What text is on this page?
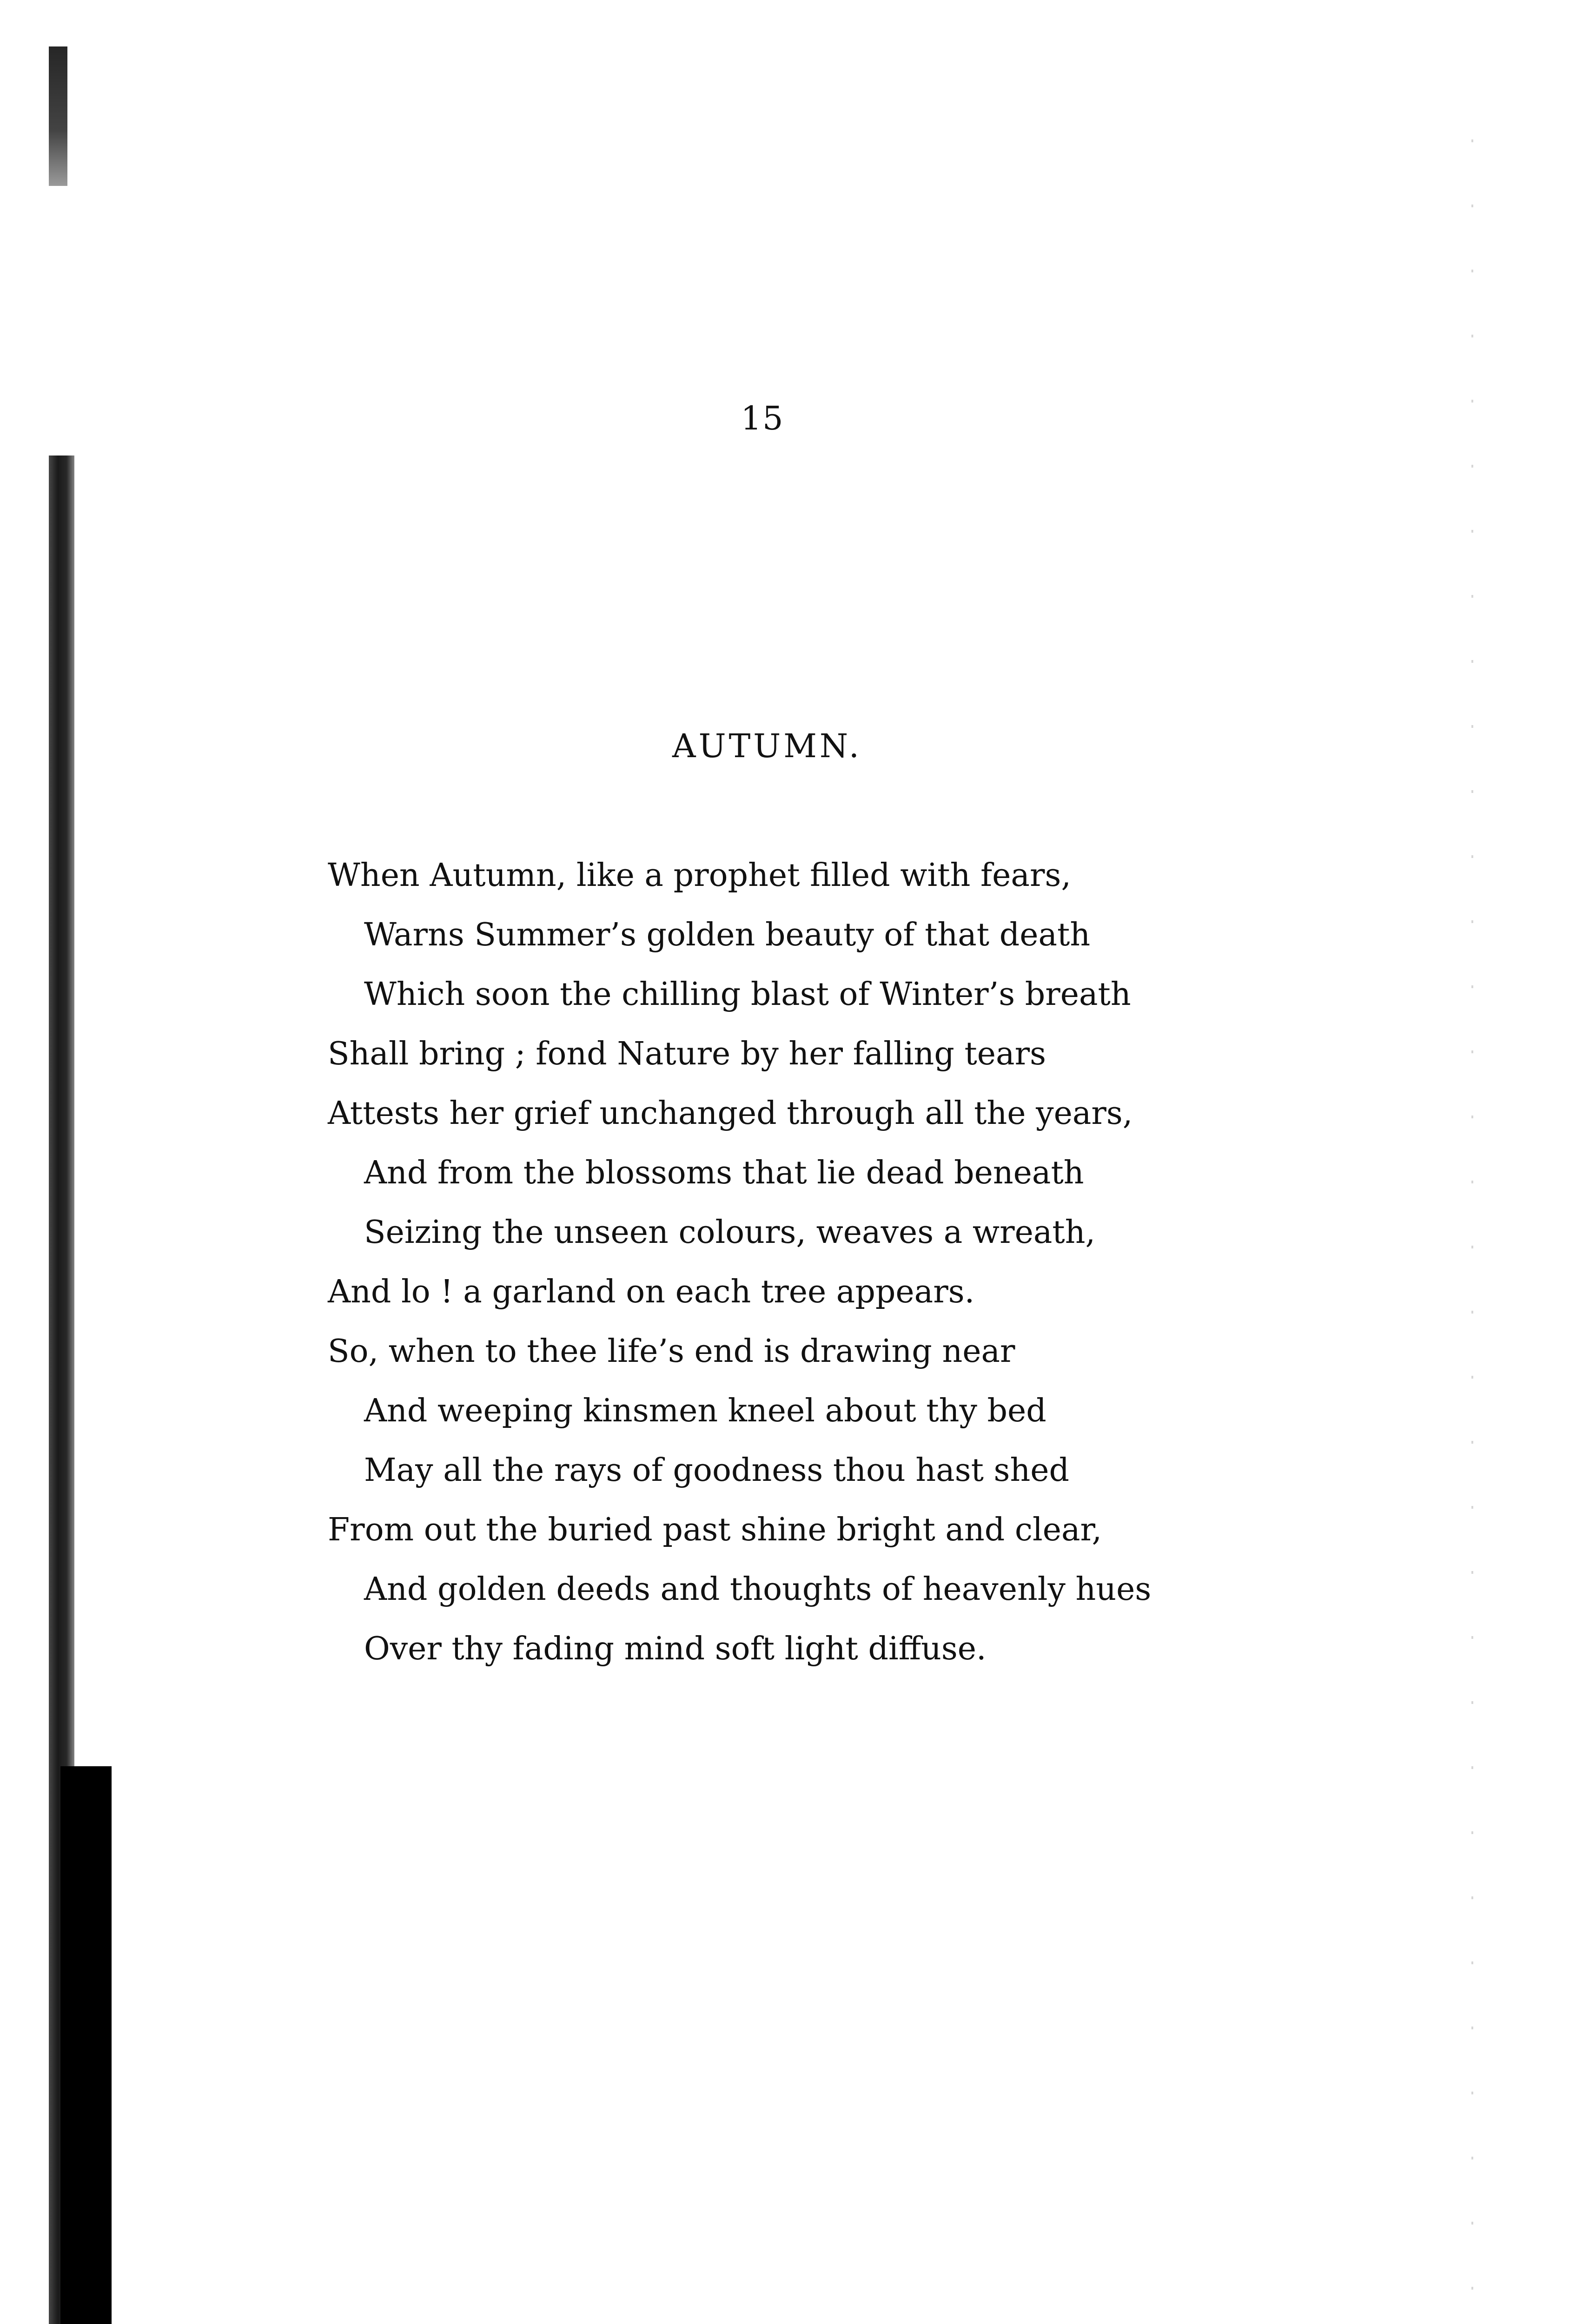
15
AUTUMN.
When Autumn, like a prophet filled with fears,
Warns Summer’s golden beauty of that death
Which soon the chilling blast of Winter’s breath
Shall bring ; fond Nature by her falling tears
Attests her grief unchanged through all the years,
And from the blossoms that lie dead beneath
Seizing the unseen colours, weaves a wreath,
And lo ! a garland on each tree appears.
So, when to thee life’s end is drawing near
And weeping kinsmen kneel about thy bed
May all the rays of goodness thou hast shed
From out the buried past shine bright and clear,
And golden deeds and thoughts of heavenly hues
Over thy fading mind soft light diffuse.
